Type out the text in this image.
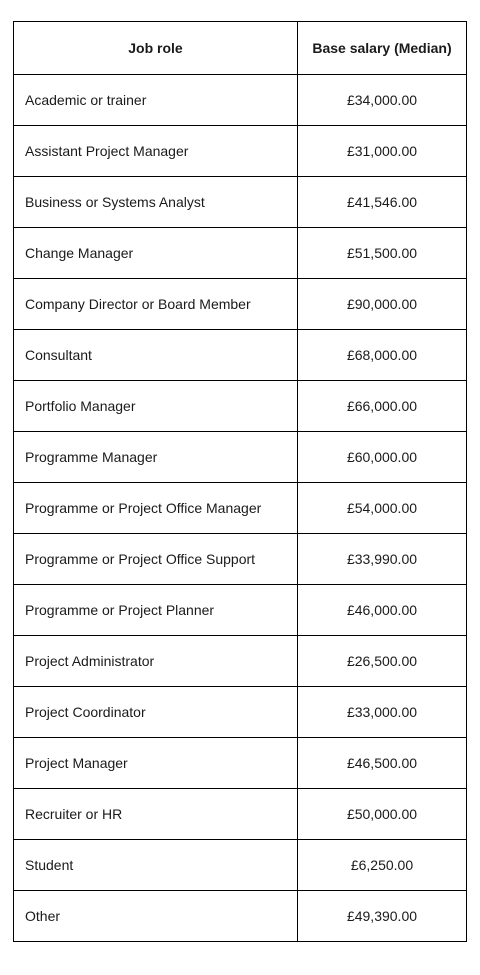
Job role	Base salary (Median)
Academic or trainer	£34,000.00
Assistant Project Manager	£31,000.00
Business or Systems Analyst	£41,546.00
Change Manager	£51,500.00
Company Director or Board Member	£90,000.00
Consultant	£68,000.00
Portfolio Manager	£66,000.00
Programme Manager	£60,000.00
Programme or Project Office Manager	£54,000.00
Programme or Project Office Support	£33,990.00
Programme or Project Planner	£46,000.00
Project Administrator	£26,500.00
Project Coordinator	£33,000.00
Project Manager	£46,500.00
Recruiter or HR	£50,000.00
Student	£6,250.00
Other	£49,390.00
